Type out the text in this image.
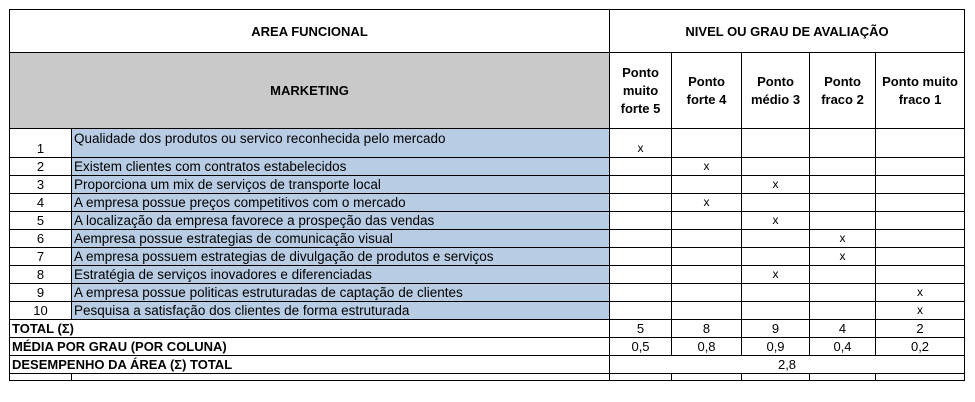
AREA FUNCIONAL		NIVEL OU GRAU DE AVALIAÇÃO				
MARKETING		Ponto muito forte 5	Ponto forte 4	Ponto médio 3	Ponto fraco 2	Ponto muito fraco 1
1	Qualidade dos produtos ou servico reconhecida pelo mercado	x				
2	Existem clientes com contratos estabelecidos		x			
3	Proporciona um mix de serviços de transporte local			x		
4	A empresa possue preços competitivos com o mercado		x			
5	A localização da empresa favorece a prospeção das vendas			x		
6	Aempresa possue estrategias de comunicação visual				x	
7	A empresa possuem estrategias de divulgação de produtos e serviços				x	
8	Estratégia de serviços inovadores e diferenciadas			x		
9	A empresa possue politicas estruturadas de captação de clientes					x
10	Pesquisa a satisfação dos clientes de forma estruturada					x
TOTAL (Σ)		5	8	9	4	2
MÉDIA POR GRAU (POR COLUNA)		0,5	0,8	0,9	0,4	0,2
DESEMPENHO DA ÁREA (Σ) TOTAL		2,8				
